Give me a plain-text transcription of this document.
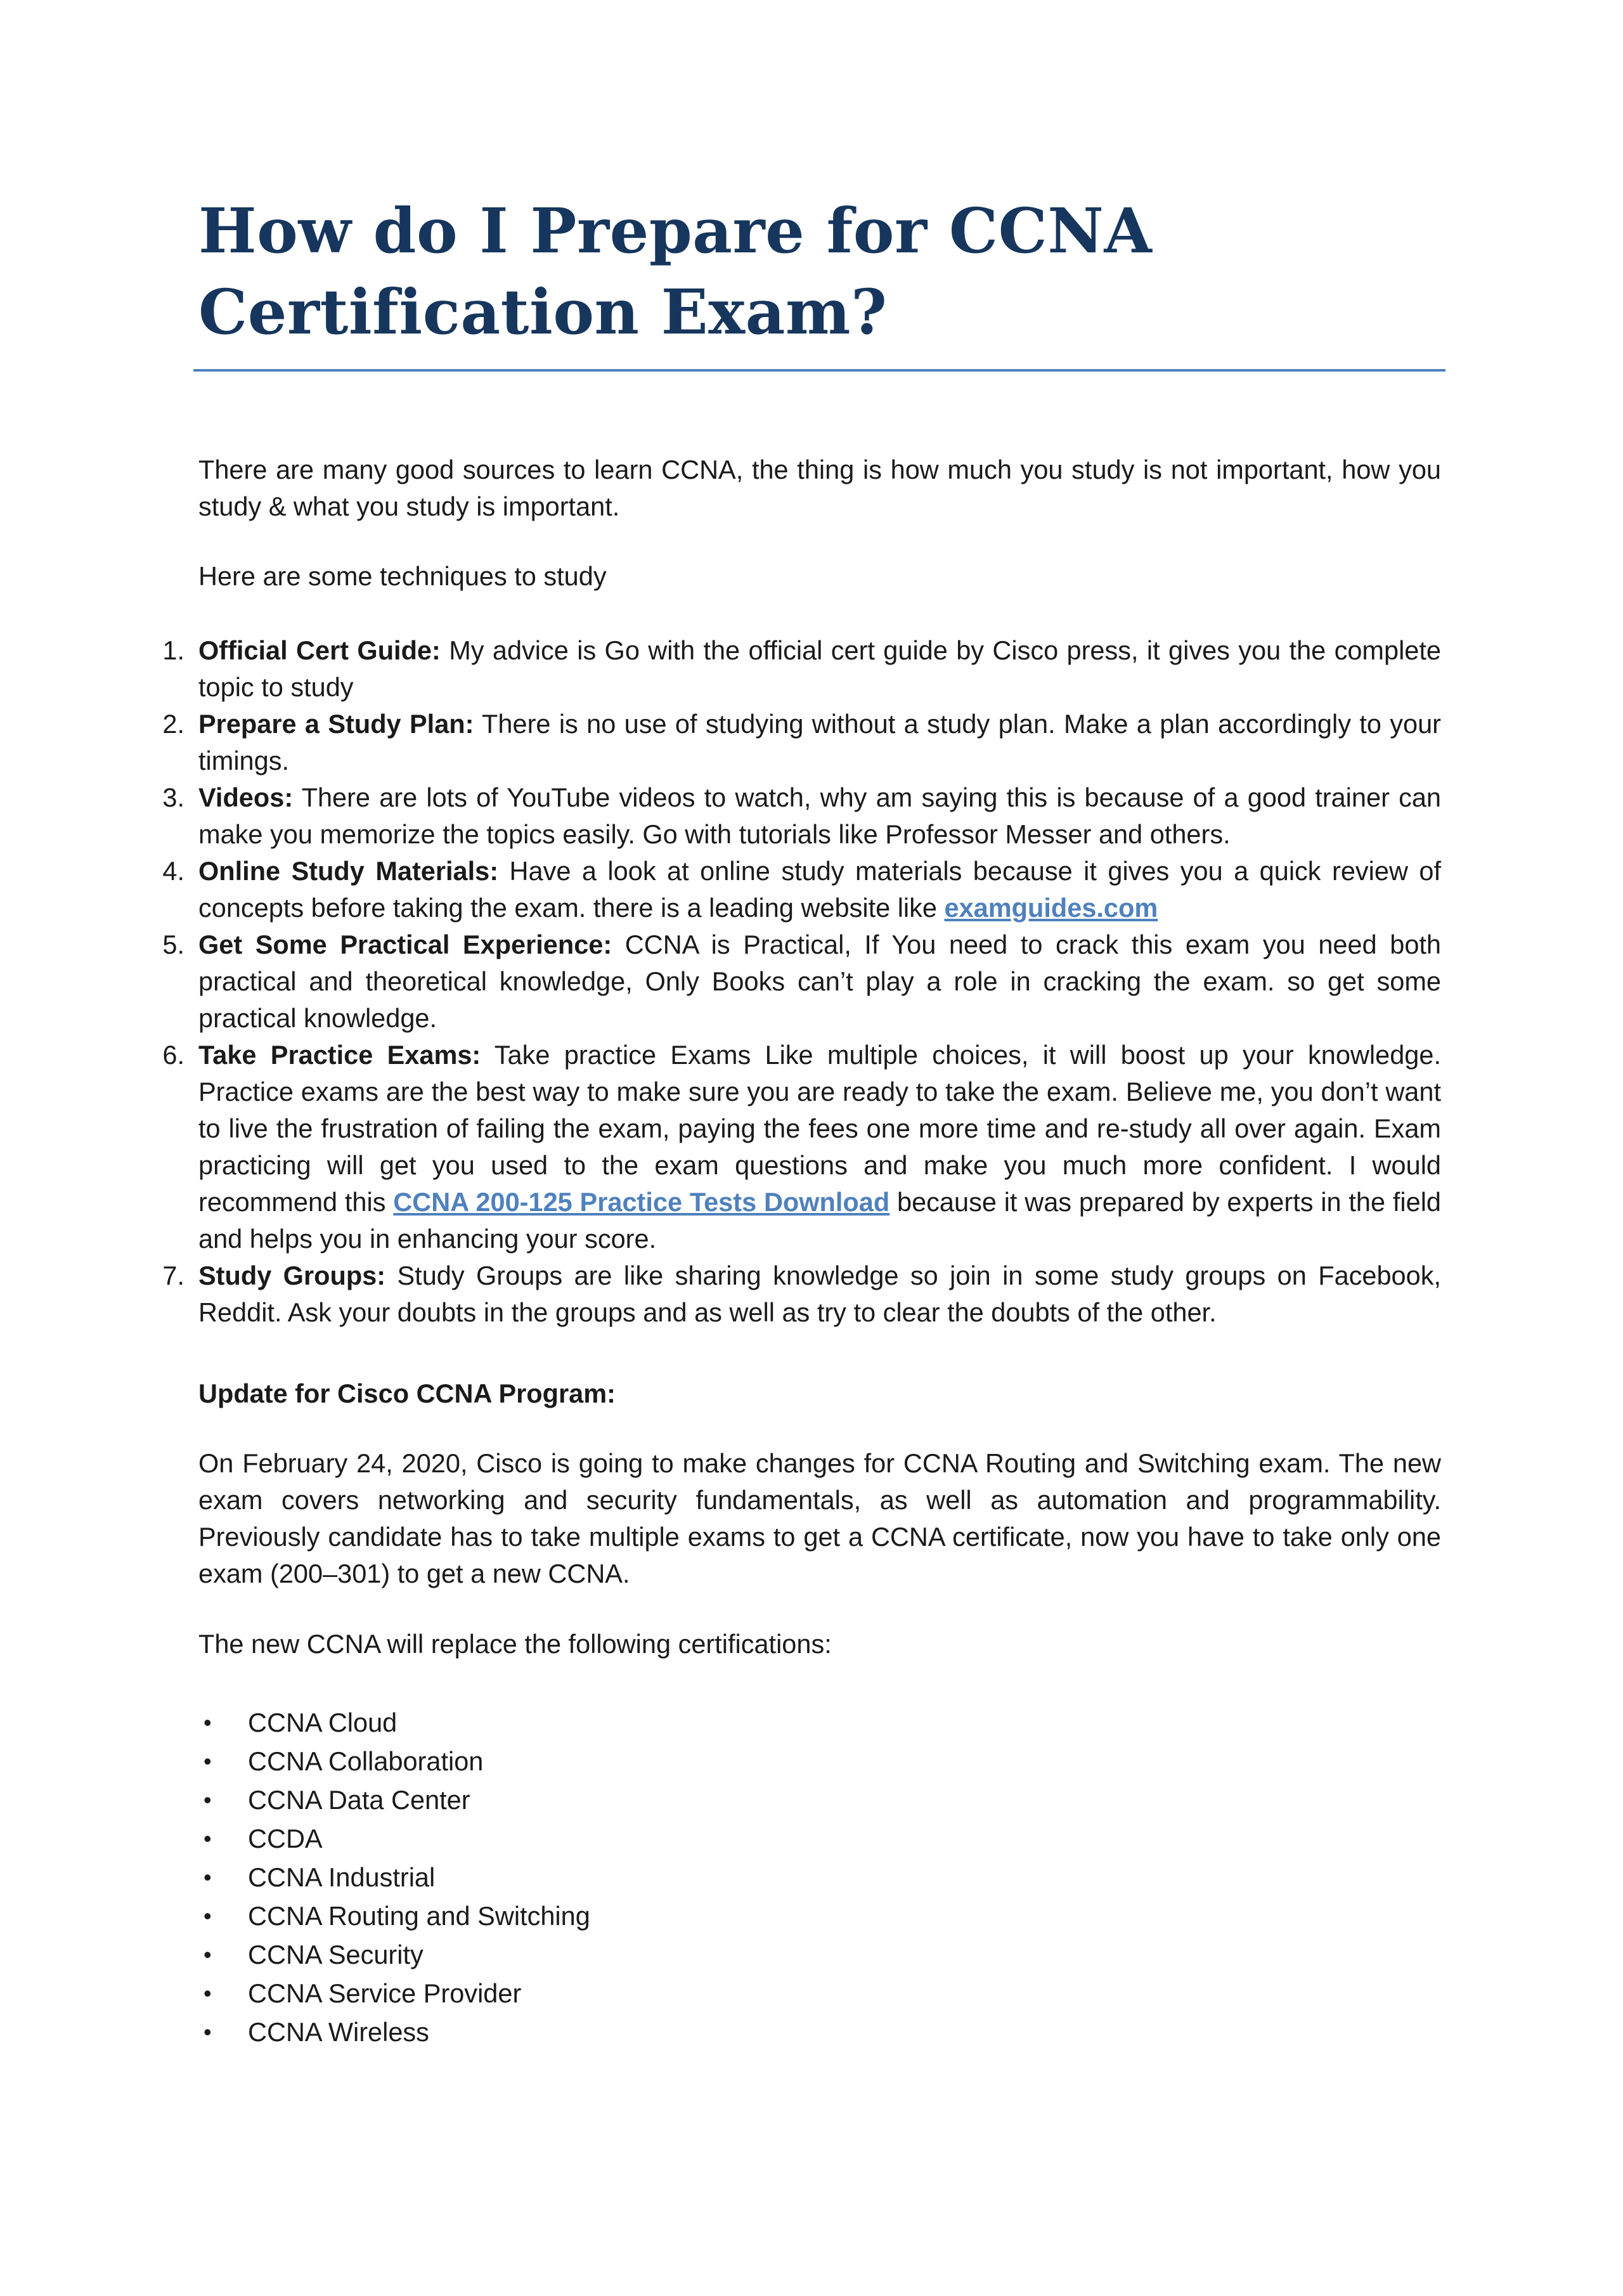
How do I Prepare for CCNA Certification Exam?

There are many good sources to learn CCNA, the thing is how much you study is not important, how you study & what you study is important.

Here are some techniques to study

1. Official Cert Guide: My advice is Go with the official cert guide by Cisco press, it gives you the complete topic to study
2. Prepare a Study Plan: There is no use of studying without a study plan. Make a plan accordingly to your timings.
3. Videos: There are lots of YouTube videos to watch, why am saying this is because of a good trainer can make you memorize the topics easily. Go with tutorials like Professor Messer and others.
4. Online Study Materials: Have a look at online study materials because it gives you a quick review of concepts before taking the exam. there is a leading website like examguides.com
5. Get Some Practical Experience: CCNA is Practical, If You need to crack this exam you need both practical and theoretical knowledge, Only Books can’t play a role in cracking the exam. so get some practical knowledge.
6. Take Practice Exams: Take practice Exams Like multiple choices, it will boost up your knowledge. Practice exams are the best way to make sure you are ready to take the exam. Believe me, you don’t want to live the frustration of failing the exam, paying the fees one more time and re-study all over again. Exam practicing will get you used to the exam questions and make you much more confident. I would recommend this CCNA 200-125 Practice Tests Download because it was prepared by experts in the field and helps you in enhancing your score.
7. Study Groups: Study Groups are like sharing knowledge so join in some study groups on Facebook, Reddit. Ask your doubts in the groups and as well as try to clear the doubts of the other.

Update for Cisco CCNA Program:

On February 24, 2020, Cisco is going to make changes for CCNA Routing and Switching exam. The new exam covers networking and security fundamentals, as well as automation and programmability. Previously candidate has to take multiple exams to get a CCNA certificate, now you have to take only one exam (200–301) to get a new CCNA.

The new CCNA will replace the following certifications:

• CCNA Cloud
• CCNA Collaboration
• CCNA Data Center
• CCDA
• CCNA Industrial
• CCNA Routing and Switching
• CCNA Security
• CCNA Service Provider
• CCNA Wireless
